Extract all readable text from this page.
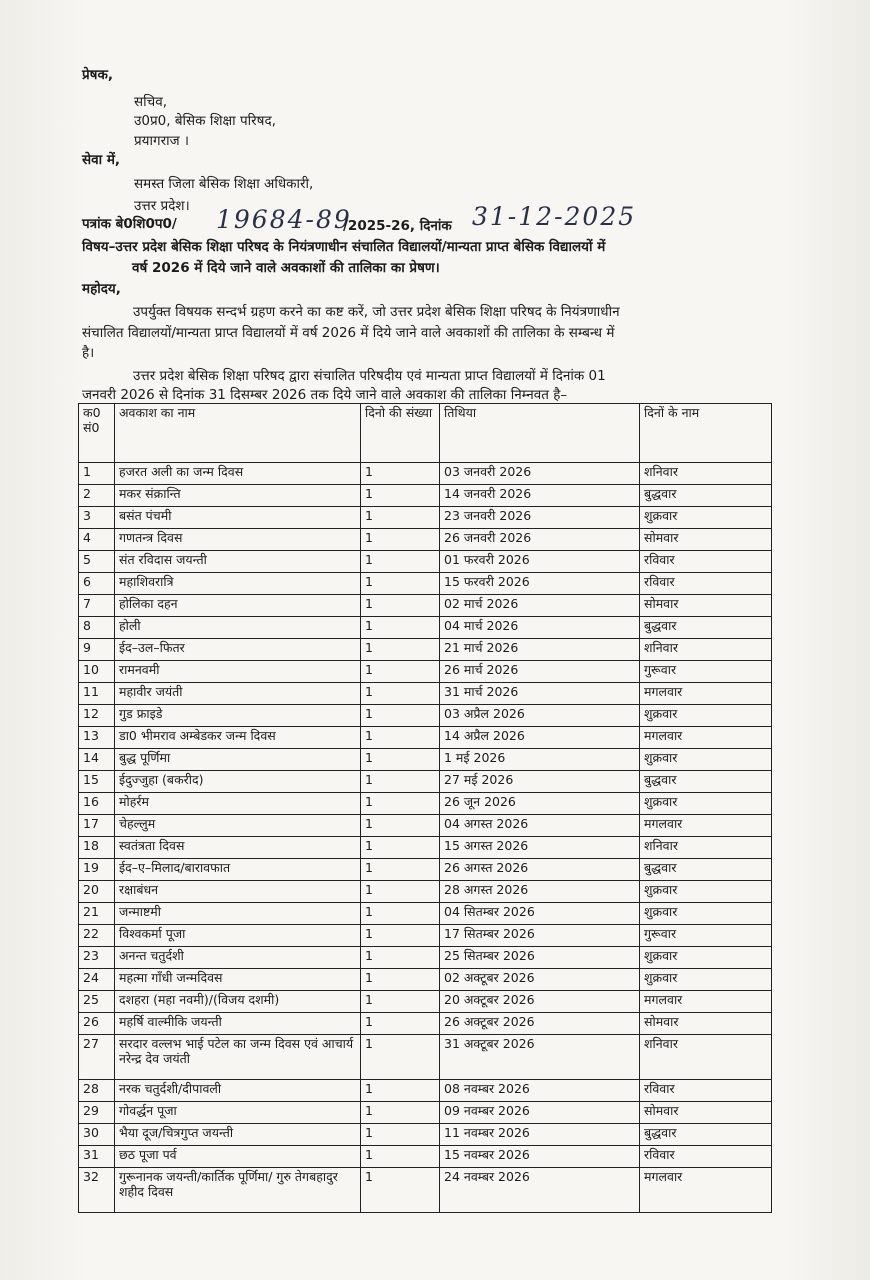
प्रेषक,
सचिव,
उ0प्र0, बेसिक शिक्षा परिषद,
प्रयागराज ।
सेवा में,
समस्त जिला बेसिक शिक्षा अधिकारी,
उत्तर प्रदेश।
पत्रांक बे0शि0प0/ 19684-89
/2025-26, दिनांक 31-12-2025
विषय–उत्तर प्रदेश बेसिक शिक्षा परिषद के नियंत्रणाधीन संचालित विद्यालयों/मान्यता प्राप्त बेसिक विद्यालयों में
वर्ष 2026 में दिये जाने वाले अवकाशों की तालिका का प्रेषण।
महोदय,
उपर्युक्त विषयक सन्दर्भ ग्रहण करने का कष्ट करें, जो उत्तर प्रदेश बेसिक शिक्षा परिषद के नियंत्रणाधीन
संचालित विद्यालयों/मान्यता प्राप्त विद्यालयों में वर्ष 2026 में दिये जाने वाले अवकाशों की तालिका के सम्बन्ध में
है।
उत्तर प्रदेश बेसिक शिक्षा परिषद द्वारा संचालित परिषदीय एवं मान्यता प्राप्त विद्यालयों में दिनांक 01
जनवरी 2026 से दिनांक 31 दिसम्बर 2026 तक दिये जाने वाले अवकाश की तालिका निम्नवत है–
क0 सं0	अवकाश का नाम	दिनो की संख्या	तिथिया	दिनों के नाम
1	हजरत अली का जन्म दिवस	1	03 जनवरी 2026	शनिवार
2	मकर संक्रान्ति	1	14 जनवरी 2026	बुद्धवार
3	बसंत पंचमी	1	23 जनवरी 2026	शुक्रवार
4	गणतन्त्र दिवस	1	26 जनवरी 2026	सोमवार
5	संत रविदास जयन्ती	1	01 फरवरी 2026	रविवार
6	महाशिवरात्रि	1	15 फरवरी 2026	रविवार
7	होलिका दहन	1	02 मार्च 2026	सोमवार
8	होली	1	04 मार्च 2026	बुद्धवार
9	ईद–उल–फितर	1	21 मार्च 2026	शनिवार
10	रामनवमी	1	26 मार्च 2026	गुरूवार
11	महावीर जयंती	1	31 मार्च 2026	मगलवार
12	गुड फ्राइडे	1	03 अप्रैल 2026	शुक्रवार
13	डा0 भीमराव अम्बेडकर जन्म दिवस	1	14 अप्रैल 2026	मगलवार
14	बुद्ध पूर्णिमा	1	1 मई 2026	शुक्रवार
15	ईदुज्जुहा (बकरीद)	1	27 मई 2026	बुद्धवार
16	मोहर्रम	1	26 जून 2026	शुक्रवार
17	चेहल्लुम	1	04 अगस्त 2026	मगलवार
18	स्वतंत्रता दिवस	1	15 अगस्त 2026	शनिवार
19	ईद–ए–मिलाद/बारावफात	1	26 अगस्त 2026	बुद्धवार
20	रक्षाबंधन	1	28 अगस्त 2026	शुक्रवार
21	जन्माष्टमी	1	04 सितम्बर 2026	शुक्रवार
22	विश्वकर्मा पूजा	1	17 सितम्बर 2026	गुरूवार
23	अनन्त चतुर्दशी	1	25 सितम्बर 2026	शुक्रवार
24	महत्मा गाँधी जन्मदिवस	1	02 अक्टूबर 2026	शुक्रवार
25	दशहरा (महा नवमी)/(विजय दशमी)	1	20 अक्टूबर 2026	मगलवार
26	महर्षि वाल्मीकि जयन्ती	1	26 अक्टूबर 2026	सोमवार
27	सरदार वल्लभ भाई पटेल का जन्म दिवस एवं आचार्य नरेन्द्र देव जयंती	1	31 अक्टूबर 2026	शनिवार
28	नरक चतुर्दशी/दीपावली	1	08 नवम्बर 2026	रविवार
29	गोवर्द्धन पूजा	1	09 नवम्बर 2026	सोमवार
30	भैया दूज/चित्रगुप्त जयन्ती	1	11 नवम्बर 2026	बुद्धवार
31	छठ पूजा पर्व	1	15 नवम्बर 2026	रविवार
32	गुरूनानक जयन्ती/कार्तिक पूर्णिमा/ गुरु तेगबहादुर शहीद दिवस	1	24 नवम्बर 2026	मगलवार
